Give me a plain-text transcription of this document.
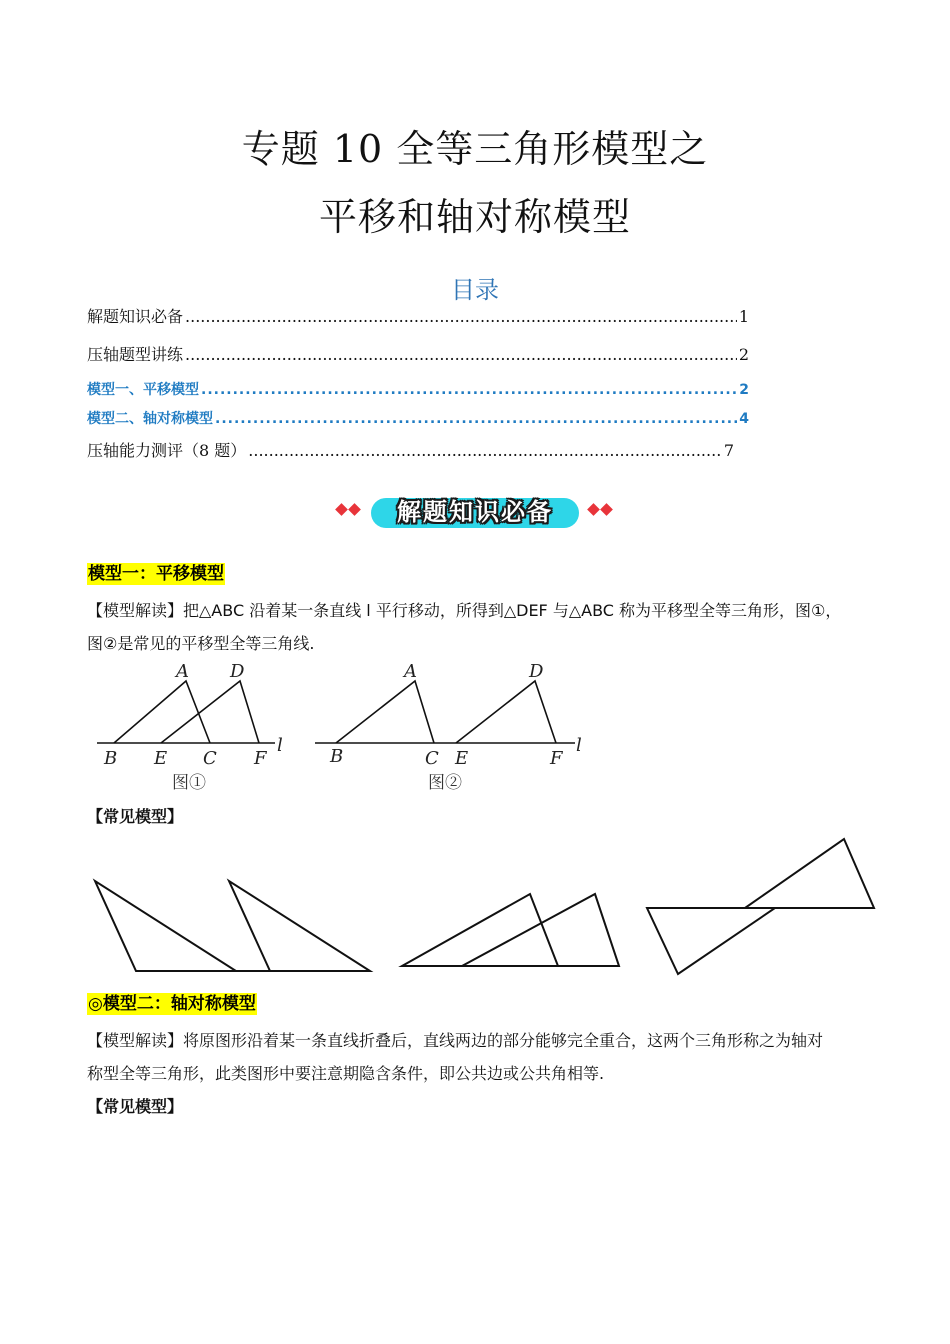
专题 10 全等三角形模型之
平移和轴对称模型
目录
解题知识必备 .....	1
压轴题型讲练 .....	2
模型一、平移模型 .....	2
模型二、轴对称模型 .....	4
压轴能力测评（8 题） .....	7
解题知识必备
模型一：平移模型
【模型解读】把△ABC 沿着某一条直线 l 平行移动，所得到△DEF 与△ABC 称为平移型全等三角形，图①，
图②是常见的平移型全等三角线.
A D
B E C F
l
A	D
B	C E	F
l
图①	图②
【常见模型】
◎模型二：轴对称模型
【模型解读】将原图形沿着某一条直线折叠后，直线两边的部分能够完全重合，这两个三角形称之为轴对
称型全等三角形，此类图形中要注意期隐含条件，即公共边或公共角相等.
【常见模型】
